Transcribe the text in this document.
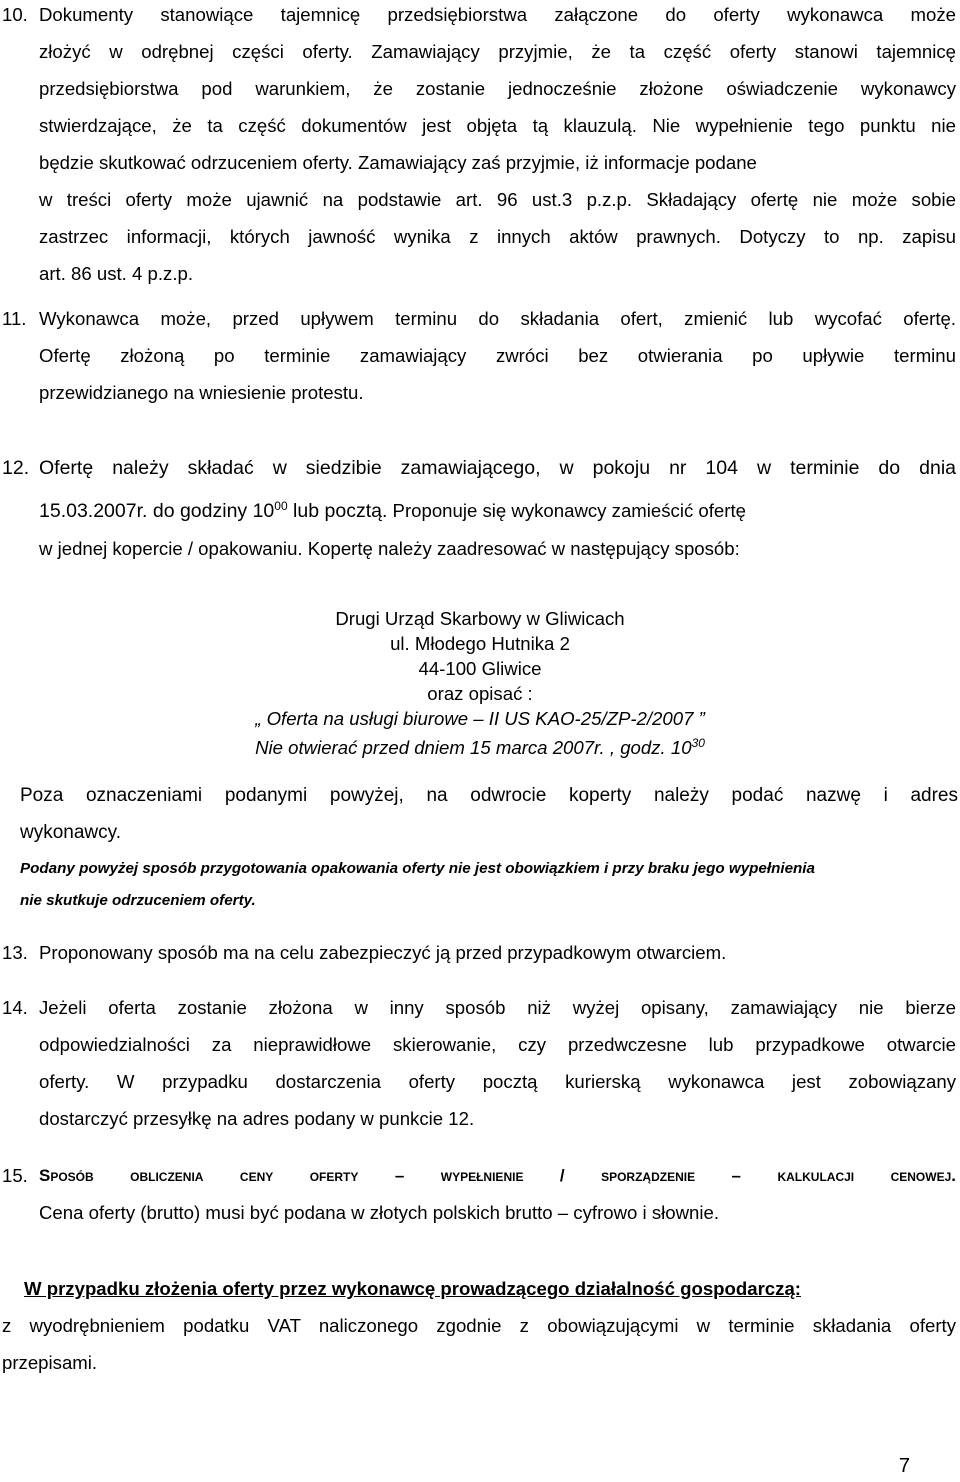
10. Dokumenty stanowiące tajemnicę przedsiębiorstwa załączone do oferty wykonawca może
złożyć w odrębnej części oferty. Zamawiający przyjmie, że ta część oferty stanowi tajemnicę
przedsiębiorstwa pod warunkiem, że zostanie jednocześnie złożone oświadczenie wykonawcy
stwierdzające, że ta część dokumentów jest objęta tą klauzulą. Nie wypełnienie tego punktu nie
będzie skutkować odrzuceniem oferty. Zamawiający zaś przyjmie, iż informacje podane
w treści oferty może ujawnić na podstawie art. 96 ust.3 p.z.p. Składający ofertę nie może sobie
zastrzec informacji, których jawność wynika z innych aktów prawnych. Dotyczy to np. zapisu
art. 86 ust. 4 p.z.p.
11. Wykonawca może, przed upływem terminu do składania ofert, zmienić lub wycofać ofertę.
Ofertę złożoną po terminie zamawiający zwróci bez otwierania po upływie terminu
przewidzianego na wniesienie protestu.
12. Ofertę należy składać w siedzibie zamawiającego, w pokoju nr 104 w terminie do dnia
15.03.2007r. do godziny $10^{00}$ lub pocztą. Proponuje się wykonawcy zamieścić ofertę
w jednej kopercie / opakowaniu. Kopertę należy zaadresować w następujący sposób:
Drugi Urząd Skarbowy w Gliwicach
ul. Młodego Hutnika 2
44-100 Gliwice
oraz opisać :
„ Oferta na usługi biurowe – II US KAO-25/ZP-2/2007 ”
Nie otwierać przed dniem 15 marca 2007r. , godz. $10^{30}$
Poza oznaczeniami podanymi powyżej, na odwrocie koperty należy podać nazwę i adres
wykonawcy.
Podany powyżej sposób przygotowania opakowania oferty nie jest obowiązkiem i przy braku jego wypełnienia
nie skutkuje odrzuceniem oferty.
13. Proponowany sposób ma na celu zabezpieczyć ją przed przypadkowym otwarciem.
14. Jeżeli oferta zostanie złożona w inny sposób niż wyżej opisany, zamawiający nie bierze
odpowiedzialności za nieprawidłowe skierowanie, czy przedwczesne lub przypadkowe otwarcie
oferty. W przypadku dostarczenia oferty pocztą kurierską wykonawca jest zobowiązany
dostarczyć przesyłkę na adres podany w punkcie 12.
15. Sposób obliczenia ceny oferty – wypełnienie / sporządzenie – kalkulacji cenowej.
Cena oferty (brutto) musi być podana w złotych polskich brutto – cyfrowo i słownie.
W przypadku złożenia oferty przez wykonawcę prowadzącego działalność gospodarczą:
z wyodrębnieniem podatku VAT naliczonego zgodnie z obowiązującymi w terminie składania oferty
przepisami.
7
